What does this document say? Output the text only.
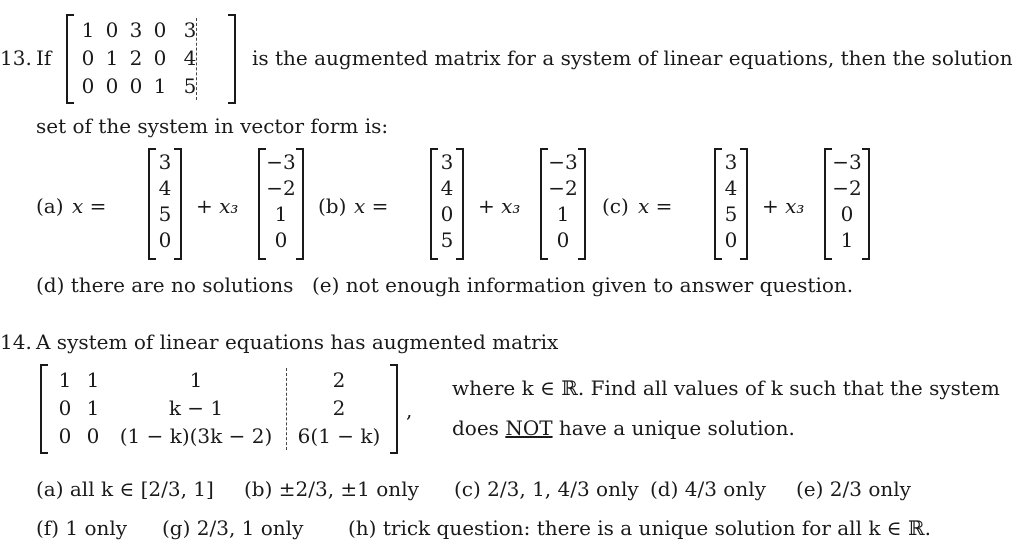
13. If
1 0 3 0 3
0 1 2 0 4
0 0 0 1 5
is the augmented matrix for a system of linear equations, then the solution
set of the system in vector form is:
(a) x =
3
4
5
0
+ x₃
−3
−2
1
0
(b) x =
3
4
0
5
+ x₃
−3
−2
1
0
(c) x =
3
4
5
0
+ x₃
−3
−2
0
1
(d) there are no solutions (e) not enough information given to answer question.
14. A system of linear equations has augmented matrix
1 1	1	2
0 1	k − 1	2
0 0	(1 − k)(3k − 2)	6(1 − k)
,
where k ∈ ℝ. Find all values of k such that the system
does NOT have a unique solution.
(a) all k ∈ [2/3, 1] (b) ±2/3, ±1 only (c) 2/3, 1, 4/3 only (d) 4/3 only (e) 2/3 only
(f) 1 only (g) 2/3, 1 only (h) trick question: there is a unique solution for all k ∈ ℝ.
